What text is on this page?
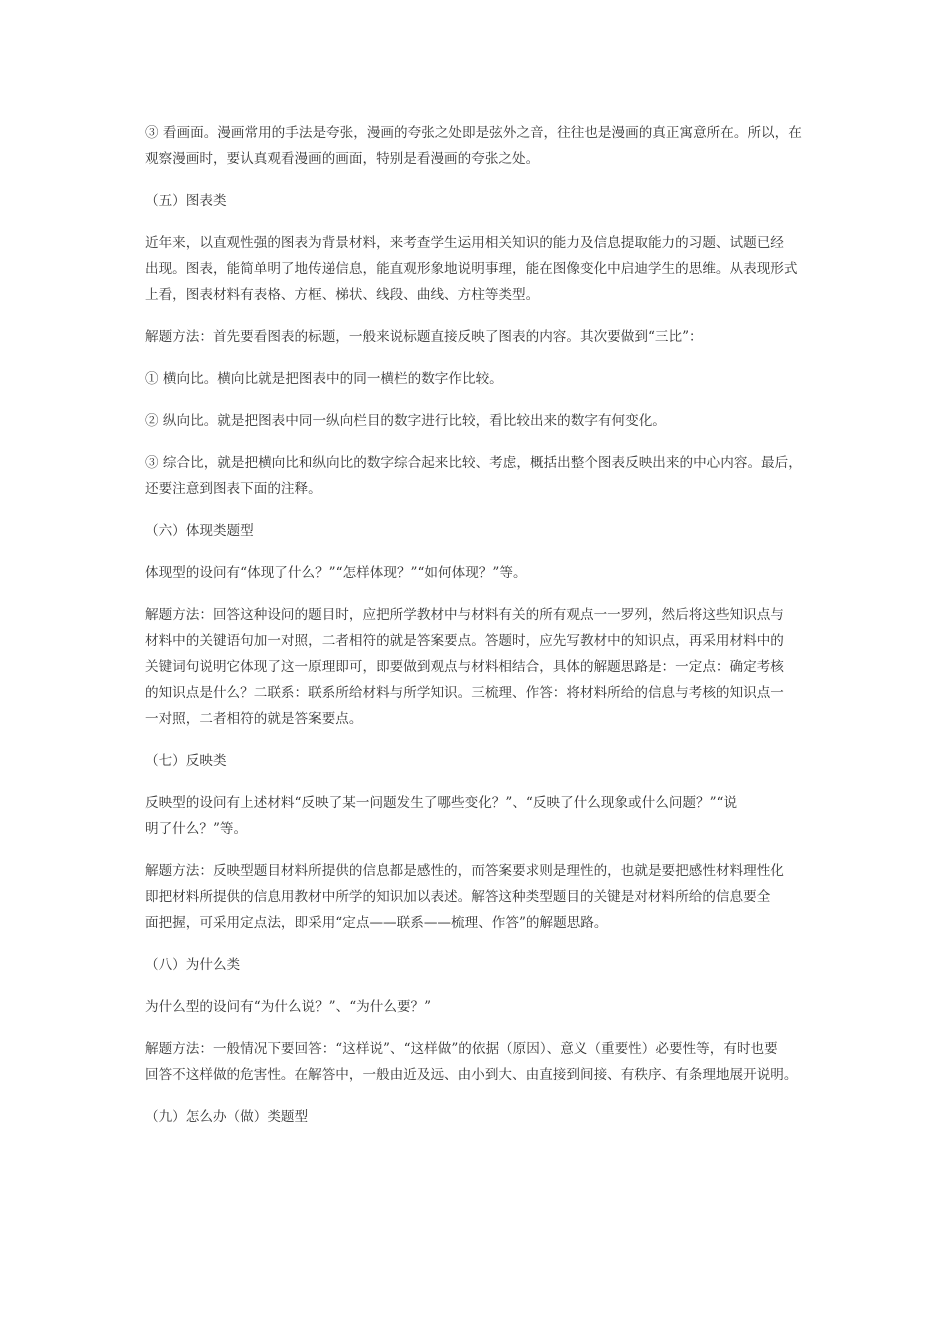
③ 看画面。漫画常用的手法是夸张，漫画的夸张之处即是弦外之音，往往也是漫画的真正寓意所在。所以，在
观察漫画时，要认真观看漫画的画面，特别是看漫画的夸张之处。
（五）图表类
近年来，以直观性强的图表为背景材料，来考查学生运用相关知识的能力及信息提取能力的习题、试题已经
出现。图表，能简单明了地传递信息，能直观形象地说明事理，能在图像变化中启迪学生的思维。从表现形式
上看，图表材料有表格、方框、梯状、线段、曲线、方柱等类型。
解题方法：首先要看图表的标题，一般来说标题直接反映了图表的内容。其次要做到“三比”：
① 横向比。横向比就是把图表中的同一横栏的数字作比较。
② 纵向比。就是把图表中同一纵向栏目的数字进行比较，看比较出来的数字有何变化。
③ 综合比，就是把横向比和纵向比的数字综合起来比较、考虑，概括出整个图表反映出来的中心内容。最后，
还要注意到图表下面的注释。
（六）体现类题型
体现型的设问有“体现了什么？”“怎样体现？”“如何体现？”等。
解题方法：回答这种设问的题目时，应把所学教材中与材料有关的所有观点一一罗列，然后将这些知识点与
材料中的关键语句加一对照，二者相符的就是答案要点。答题时，应先写教材中的知识点，再采用材料中的
关键词句说明它体现了这一原理即可，即要做到观点与材料相结合，具体的解题思路是：一定点：确定考核
的知识点是什么？二联系：联系所给材料与所学知识。三梳理、作答：将材料所给的信息与考核的知识点一
一对照，二者相符的就是答案要点。
（七）反映类
反映型的设问有上述材料“反映了某一问题发生了哪些变化？”、“反映了什么现象或什么问题？”“说
明了什么？”等。
解题方法：反映型题目材料所提供的信息都是感性的，而答案要求则是理性的，也就是要把感性材料理性化
即把材料所提供的信息用教材中所学的知识加以表述。解答这种类型题目的关键是对材料所给的信息要全
面把握，可采用定点法，即采用“定点——联系——梳理、作答”的解题思路。
（八）为什么类
为什么型的设问有“为什么说？”、“为什么要？”
解题方法：一般情况下要回答：“这样说”、“这样做”的依据（原因）、意义（重要性）必要性等，有时也要
回答不这样做的危害性。在解答中，一般由近及远、由小到大、由直接到间接、有秩序、有条理地展开说明。
（九）怎么办（做）类题型
